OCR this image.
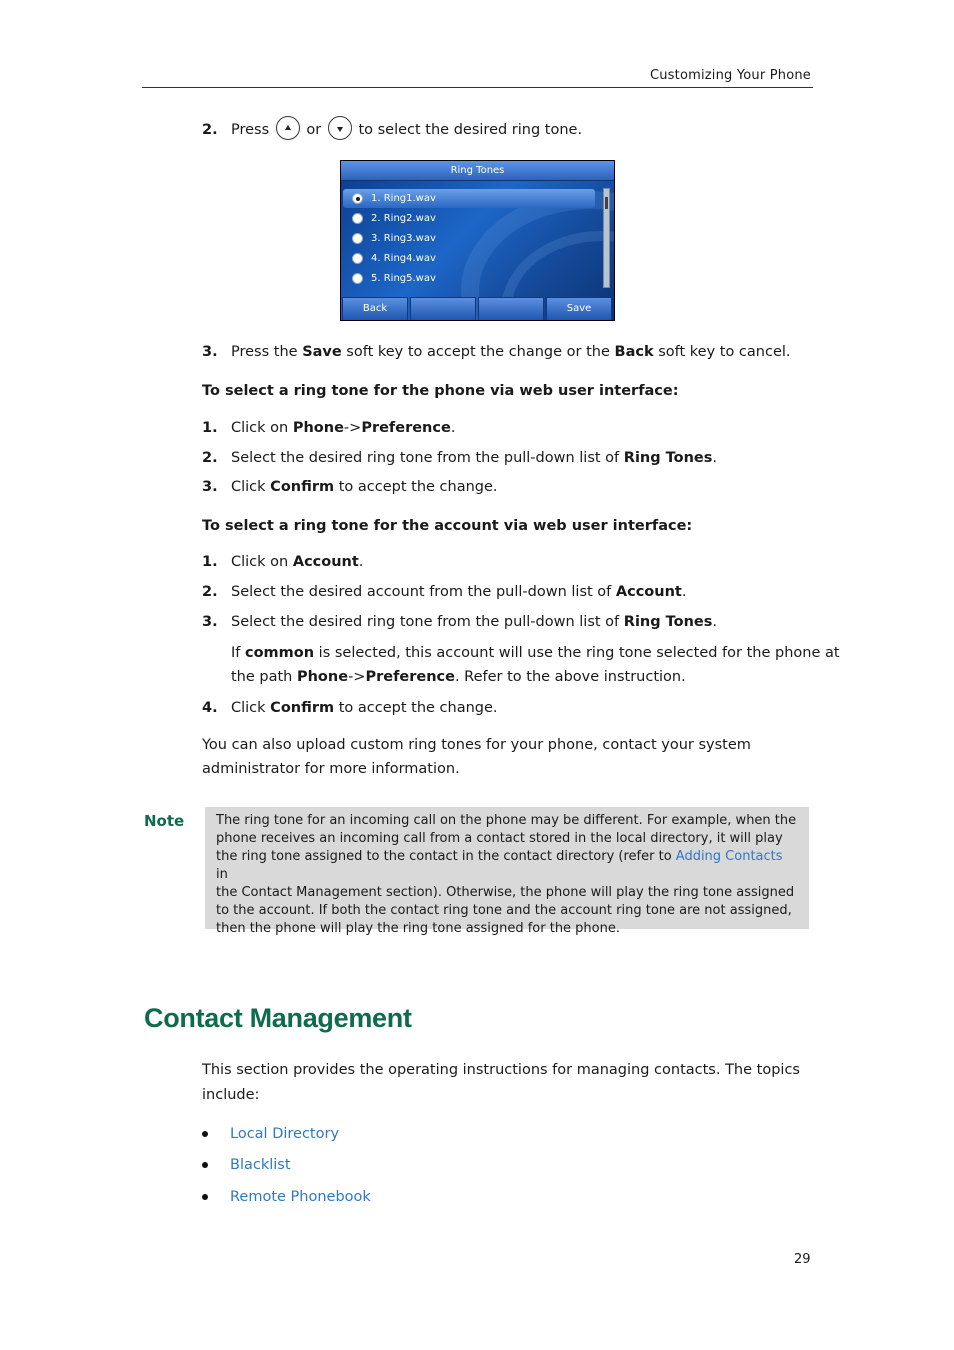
Customizing Your Phone
2. Press	or	to select the desired ring tone.
Ring Tones
1. Ring1.wav
2. Ring2.wav
3. Ring3.wav
4. Ring4.wav
5. Ring5.wav
Back	Save
3. Press the Save soft key to accept the change or the Back soft key to cancel.
To select a ring tone for the phone via web user interface:
1. Click on Phone->Preference.
2. Select the desired ring tone from the pull-down list of Ring Tones.
3. Click Confirm to accept the change.
To select a ring tone for the account via web user interface:
1. Click on Account.
2. Select the desired account from the pull-down list of Account.
3. Select the desired ring tone from the pull-down list of Ring Tones.
If common is selected, this account will use the ring tone selected for the phone at
the path Phone->Preference. Refer to the above instruction.
4. Click Confirm to accept the change.
You can also upload custom ring tones for your phone, contact your system
administrator for more information.
Note The ring tone for an incoming call on the phone may be different. For example, when the
phone receives an incoming call from a contact stored in the local directory, it will play
the ring tone assigned to the contact in the contact directory (refer to Adding Contacts in
the Contact Management section). Otherwise, the phone will play the ring tone assigned
to the account. If both the contact ring tone and the account ring tone are not assigned,
then the phone will play the ring tone assigned for the phone.
Contact Management
This section provides the operating instructions for managing contacts. The topics
include:
Local Directory
Blacklist
Remote Phonebook
29
